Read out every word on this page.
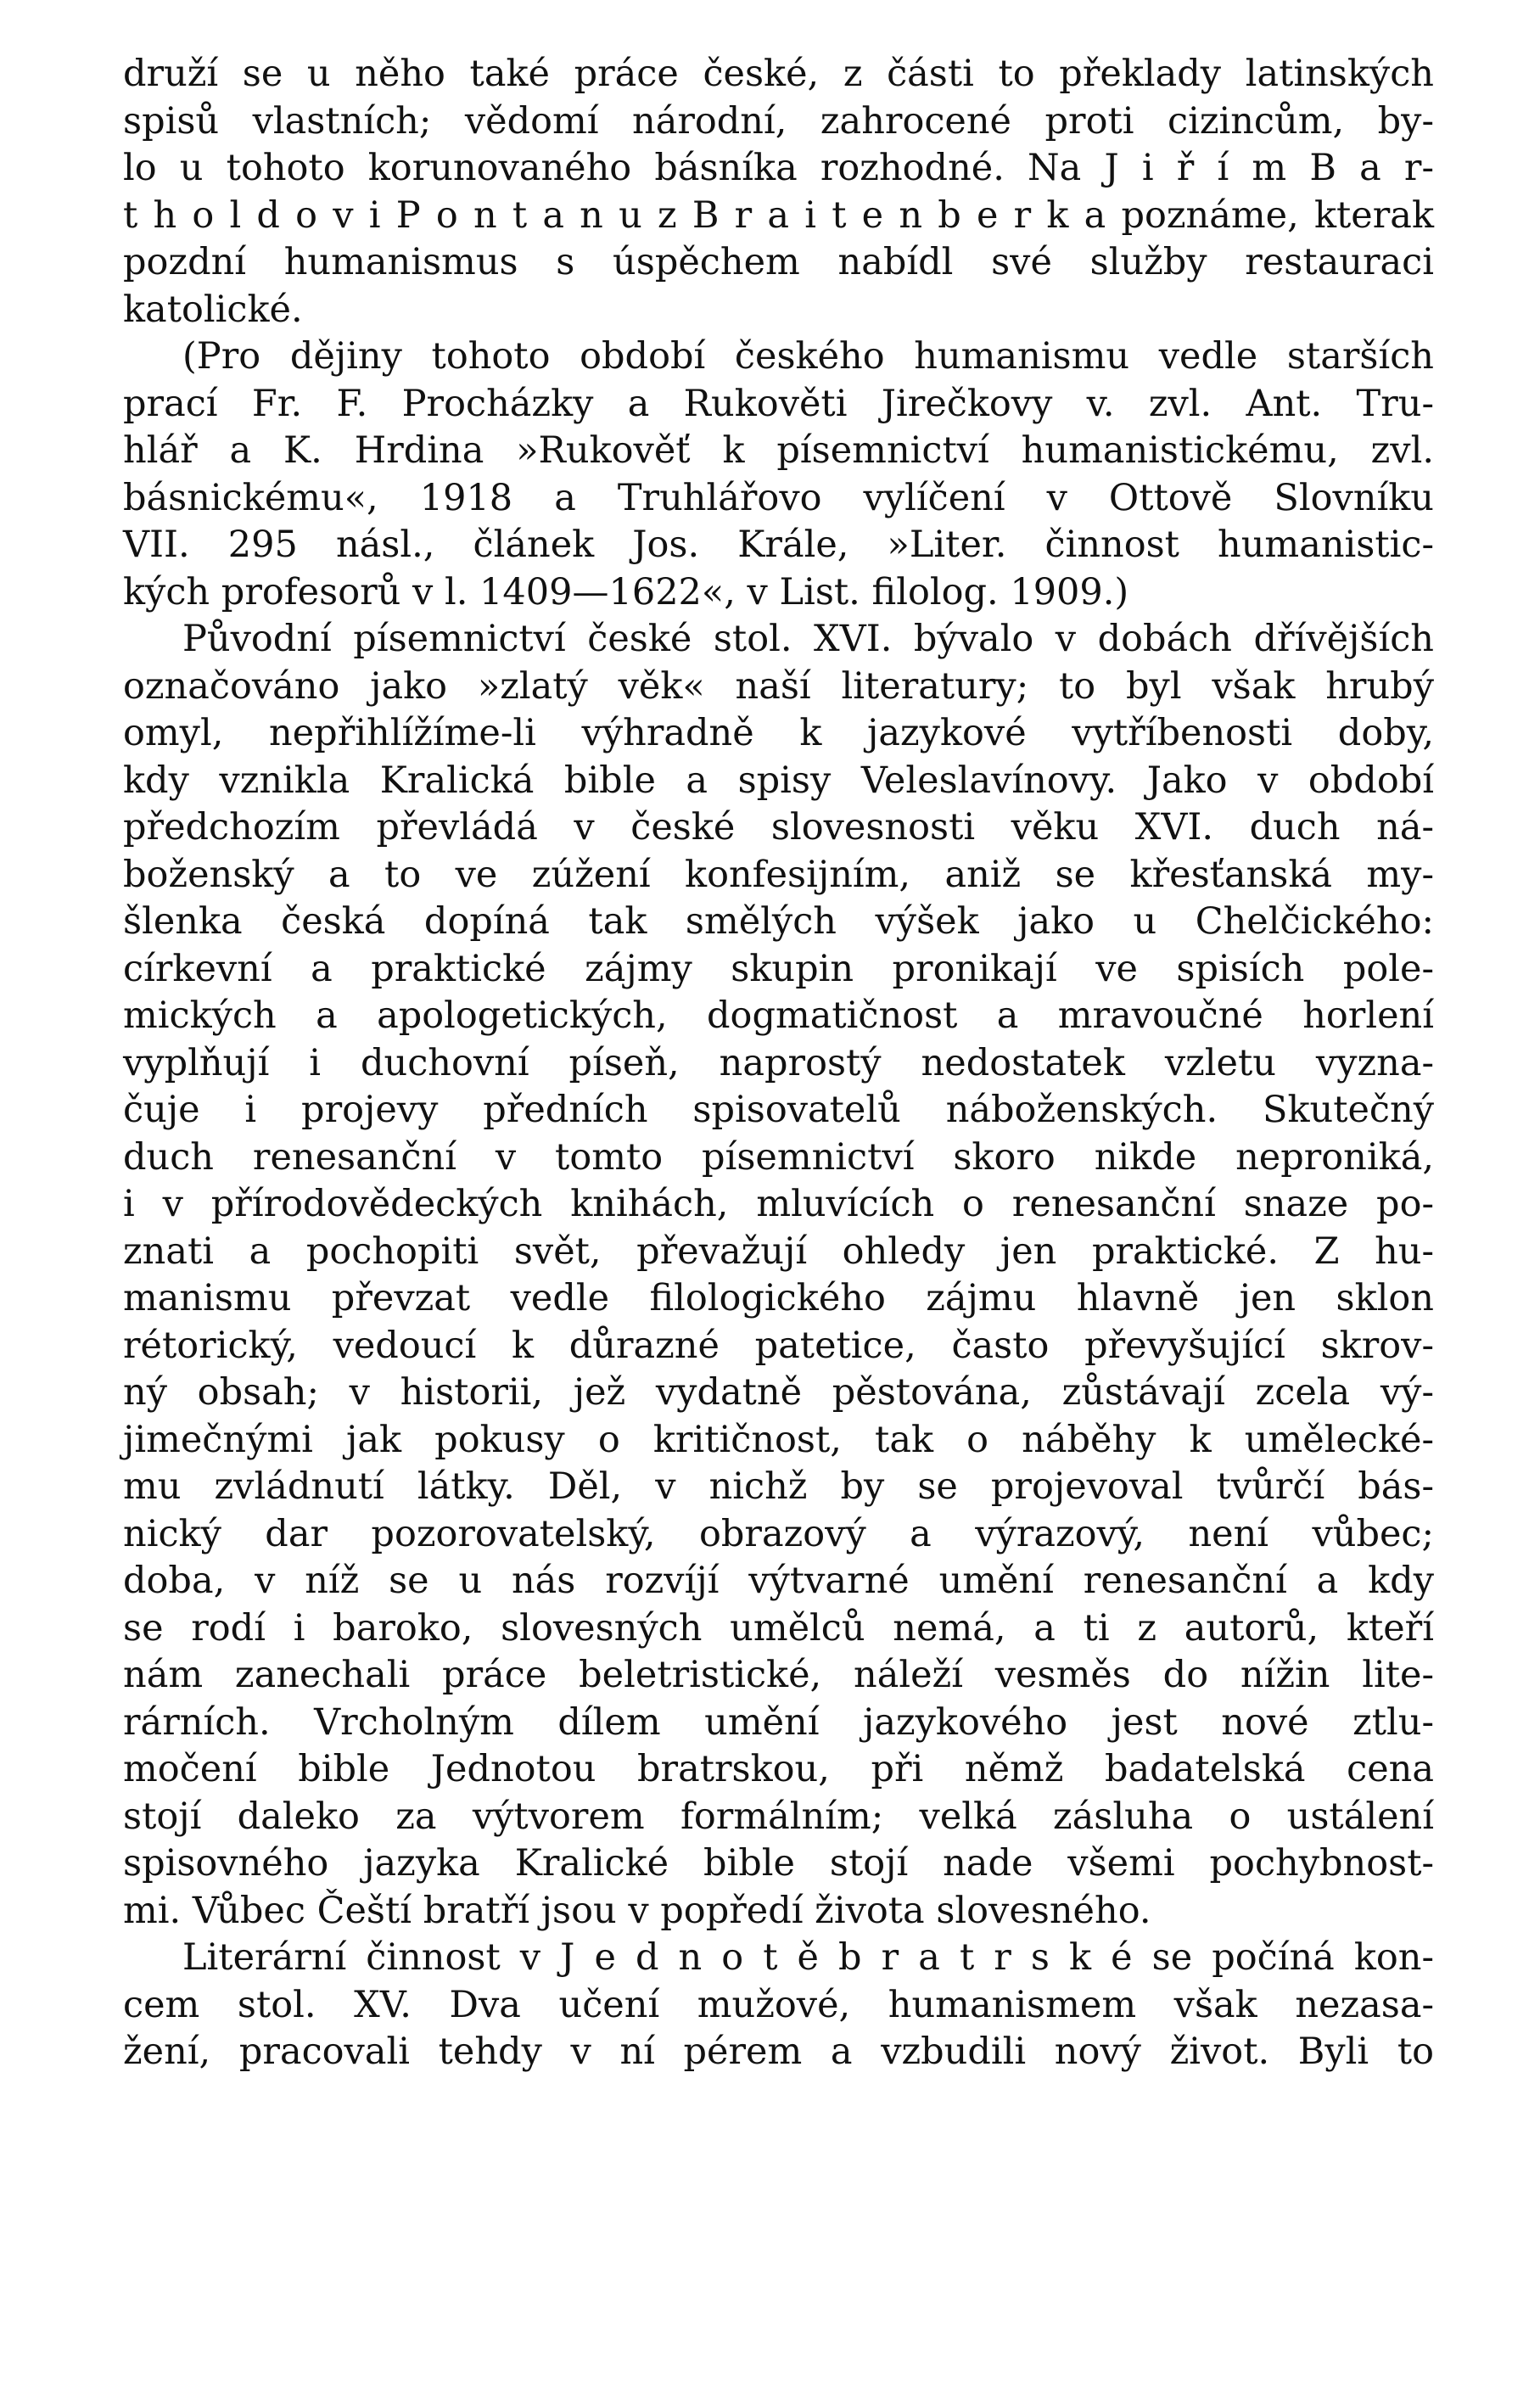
druží se u něho také práce české, z části to překlady latinských
spisů vlastních; vědomí národní, zahrocené proti cizincům, by-
lo u tohoto korunovaného básníka rozhodné. Na J i ř í m B a r-
t h o l d o v i P o n t a n u z B r a i t e n b e r k a poznáme, kterak
pozdní humanismus s úspěchem nabídl své služby restauraci
katolické.
(Pro dějiny tohoto období českého humanismu vedle starších
prací Fr. F. Procházky a Rukověti Jirečkovy v. zvl. Ant. Tru-
hlář a K. Hrdina »Rukověť k písemnictví humanistickému, zvl.
básnickému«, 1918 a Truhlářovo vylíčení v Ottově Slovníku
VII. 295 násl., článek Jos. Krále, »Liter. činnost humanistic-
kých profesorů v l. 1409—1622«, v List. filolog. 1909.)
Původní písemnictví české stol. XVI. bývalo v dobách dřívějších
označováno jako »zlatý věk« naší literatury; to byl však hrubý
omyl, nepřihlížíme-li výhradně k jazykové vytříbenosti doby,
kdy vznikla Kralická bible a spisy Veleslavínovy. Jako v období
předchozím převládá v české slovesnosti věku XVI. duch ná-
boženský a to ve zúžení konfesijním, aniž se křesťanská my-
šlenka česká dopíná tak smělých výšek jako u Chelčického:
církevní a praktické zájmy skupin pronikají ve spisích pole-
mických a apologetických, dogmatičnost a mravoučné horlení
vyplňují i duchovní píseň, naprostý nedostatek vzletu vyzna-
čuje i projevy předních spisovatelů náboženských. Skutečný
duch renesanční v tomto písemnictví skoro nikde neproniká,
i v přírodovědeckých knihách, mluvících o renesanční snaze po-
znati a pochopiti svět, převažují ohledy jen praktické. Z hu-
manismu převzat vedle filologického zájmu hlavně jen sklon
rétorický, vedoucí k důrazné patetice, často převyšující skrov-
ný obsah; v historii, jež vydatně pěstována, zůstávají zcela vý-
jimečnými jak pokusy o kritičnost, tak o náběhy k umělecké-
mu zvládnutí látky. Děl, v nichž by se projevoval tvůrčí bás-
nický dar pozorovatelský, obrazový a výrazový, není vůbec;
doba, v níž se u nás rozvíjí výtvarné umění renesanční a kdy
se rodí i baroko, slovesných umělců nemá, a ti z autorů, kteří
nám zanechali práce beletristické, náleží vesměs do nížin lite-
rárních. Vrcholným dílem umění jazykového jest nové ztlu-
močení bible Jednotou bratrskou, při němž badatelská cena
stojí daleko za výtvorem formálním; velká zásluha o ustálení
spisovného jazyka Kralické bible stojí nade všemi pochybnost-
mi. Vůbec Čeští bratří jsou v popředí života slovesného.
Literární činnost v J e d n o t ě b r a t r s k é se počíná kon-
cem stol. XV. Dva učení mužové, humanismem však nezasa-
žení, pracovali tehdy v ní pérem a vzbudili nový život. Byli to
